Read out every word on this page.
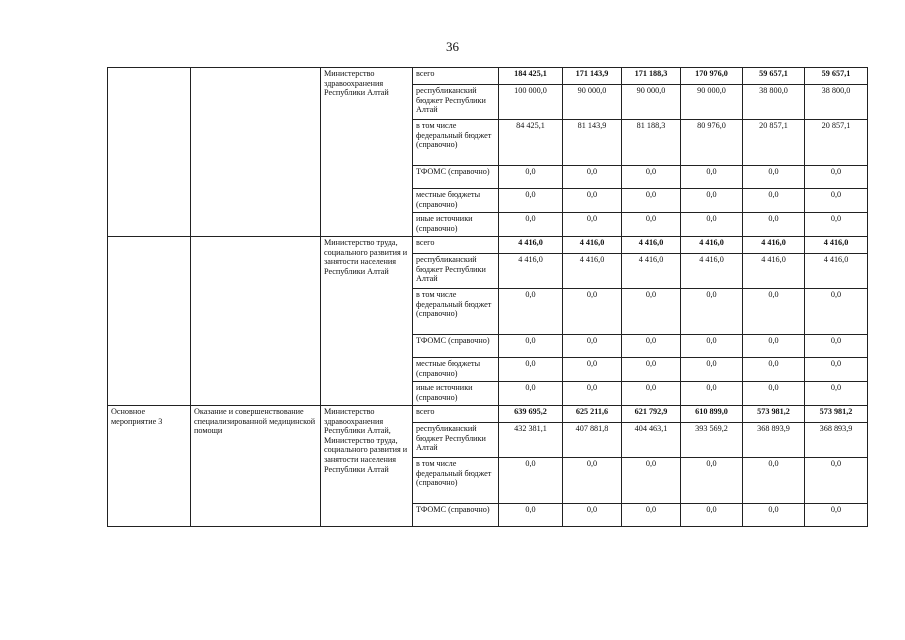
36
		Министерство здравоохранения Республики Алтай	всего	184 425,1	171 143,9	171 188,3	170 976,0	59 657,1	59 657,1
			республиканский бюджет Республики Алтай	100 000,0	90 000,0	90 000,0	90 000,0	38 800,0	38 800,0
			в том числе федеральный бюджет (справочно)	84 425,1	81 143,9	81 188,3	80 976,0	20 857,1	20 857,1
			ТФОМС (справочно)	0,0	0,0	0,0	0,0	0,0	0,0
			местные бюджеты (справочно)	0,0	0,0	0,0	0,0	0,0	0,0
			иные источники (справочно)	0,0	0,0	0,0	0,0	0,0	0,0
		Министерство труда, социального развития и занятости населения Республики Алтай	всего	4 416,0	4 416,0	4 416,0	4 416,0	4 416,0	4 416,0
			республиканский бюджет Республики Алтай	4 416,0	4 416,0	4 416,0	4 416,0	4 416,0	4 416,0
			в том числе федеральный бюджет (справочно)	0,0	0,0	0,0	0,0	0,0	0,0
			ТФОМС (справочно)	0,0	0,0	0,0	0,0	0,0	0,0
			местные бюджеты (справочно)	0,0	0,0	0,0	0,0	0,0	0,0
			иные источники (справочно)	0,0	0,0	0,0	0,0	0,0	0,0
Основное мероприятие 3	Оказание и совершенствование специализированной медицинской помощи	Министерство здравоохранения Республики Алтай, Министерство труда, социального развития и занятости населения Республики Алтай	всего	639 695,2	625 211,6	621 792,9	610 899,0	573 981,2	573 981,2
			республиканский бюджет Республики Алтай	432 381,1	407 881,8	404 463,1	393 569,2	368 893,9	368 893,9
			в том числе федеральный бюджет (справочно)	0,0	0,0	0,0	0,0	0,0	0,0
			ТФОМС (справочно)	0,0	0,0	0,0	0,0	0,0	0,0
